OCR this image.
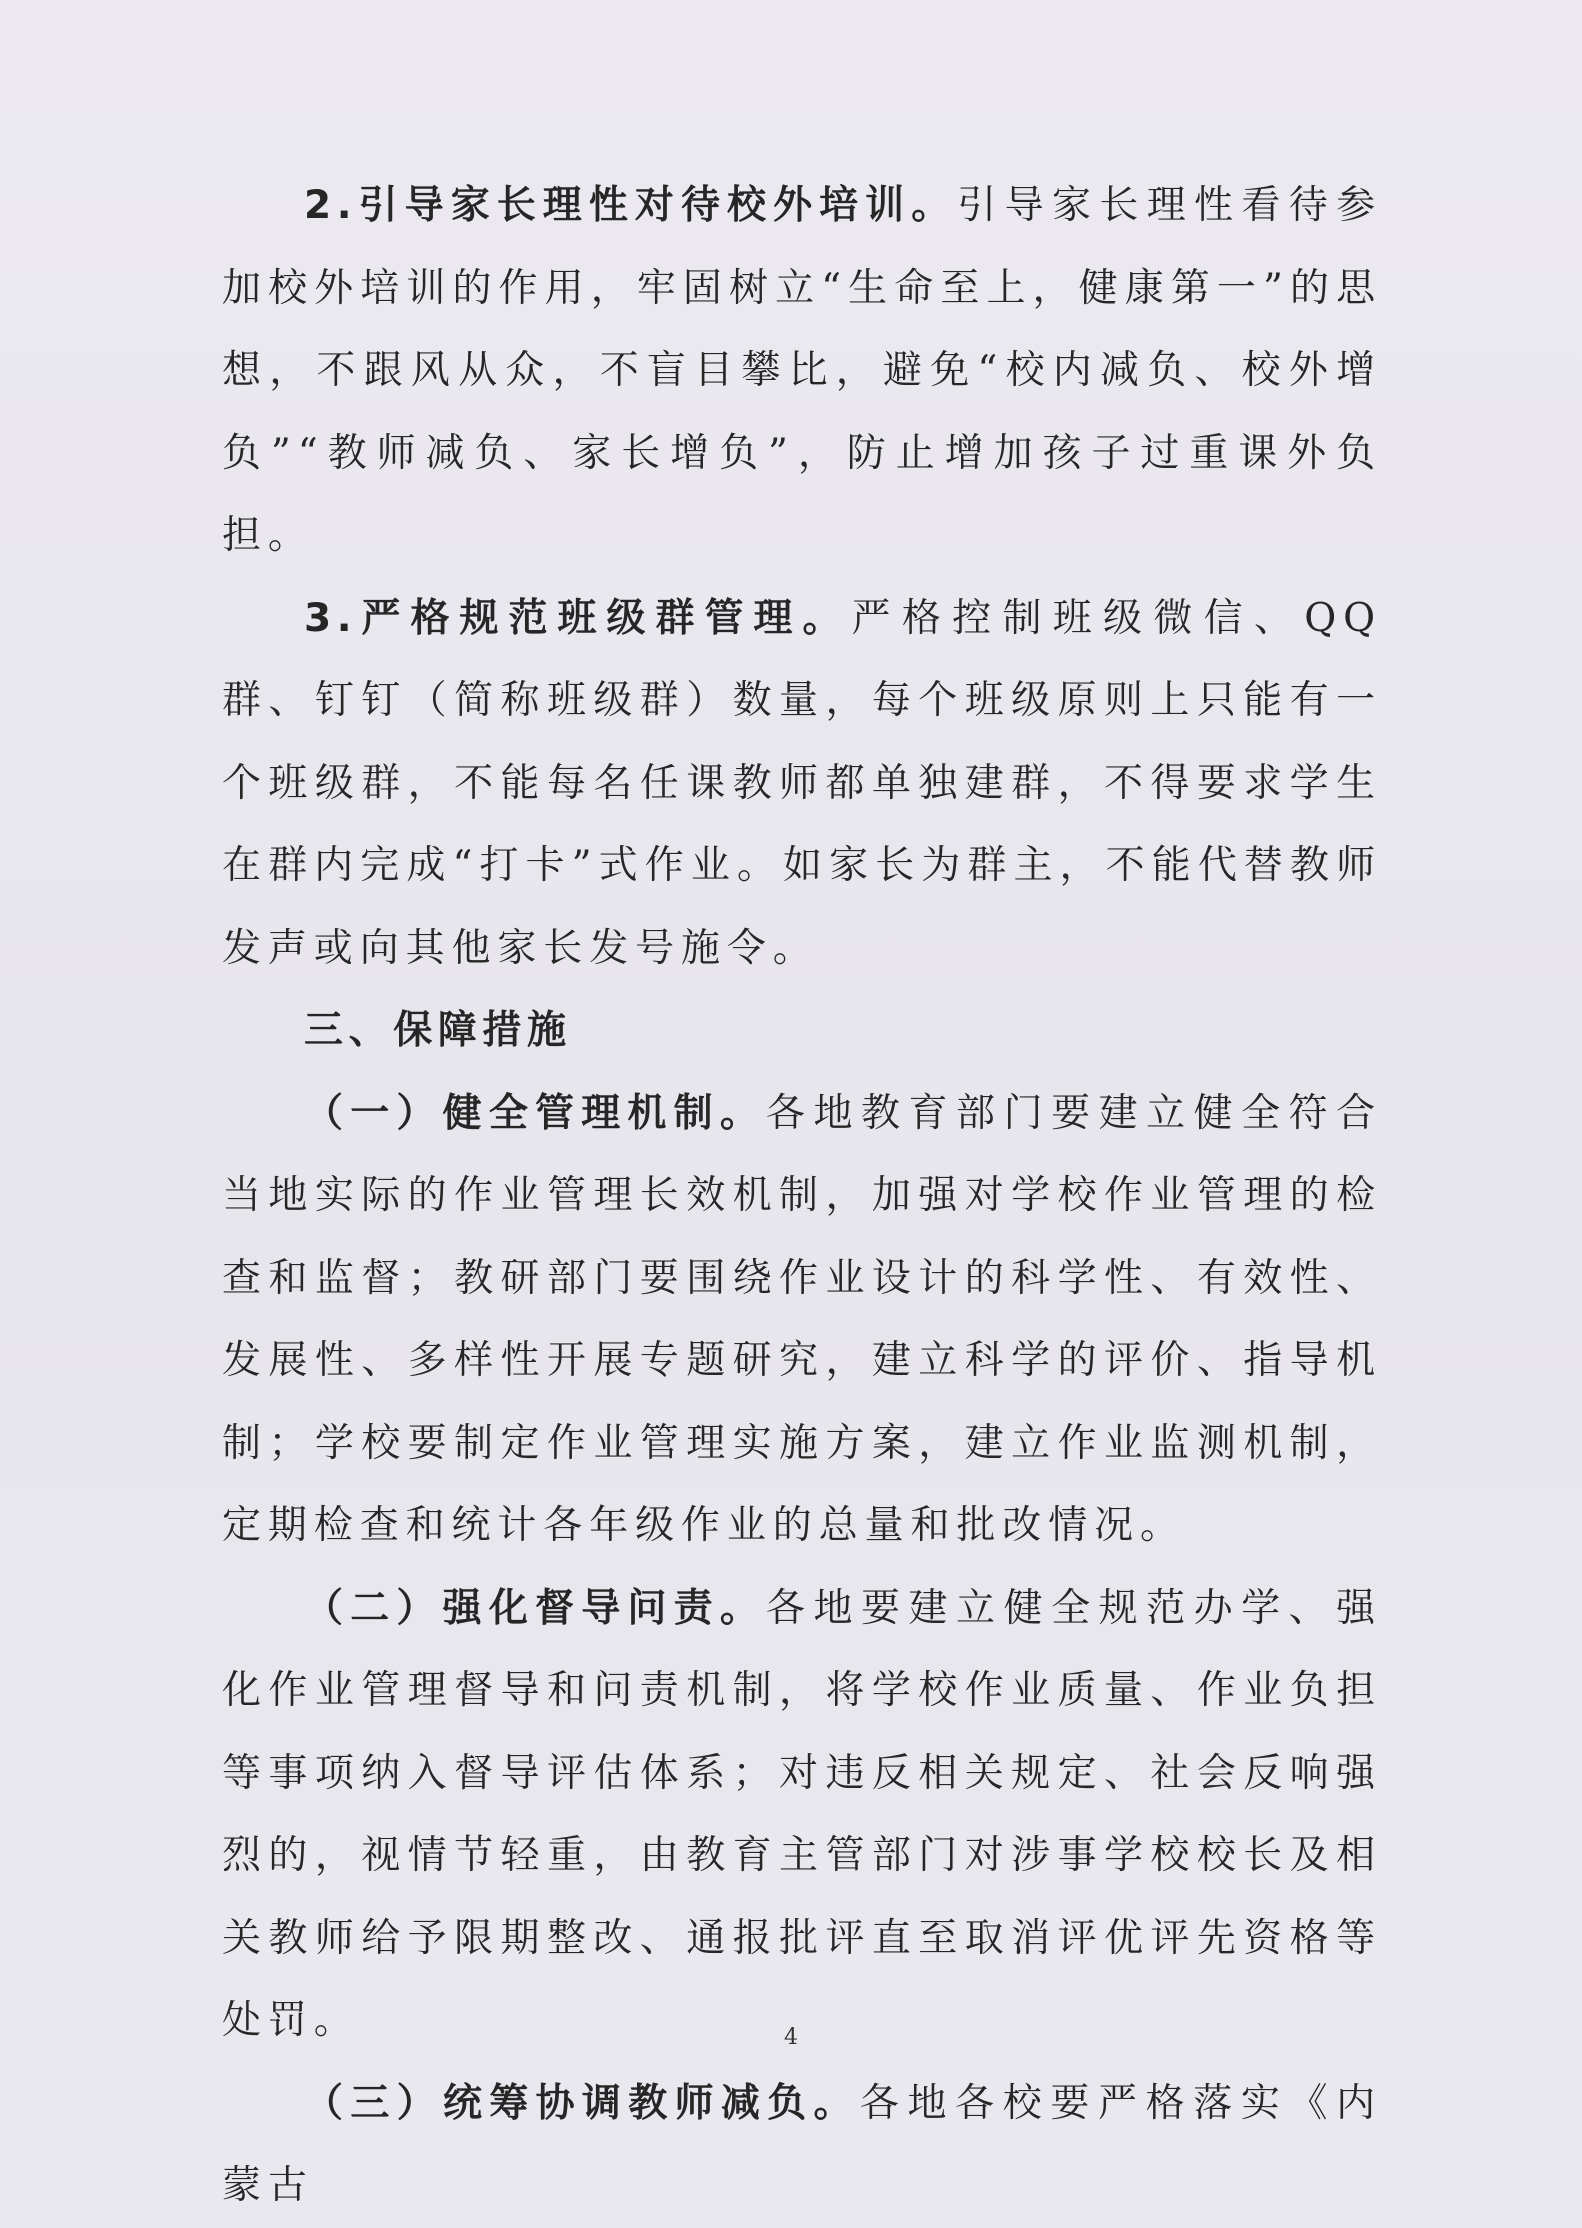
2.引导家长理性对待校外培训。引导家长理性看待参加校外培训的作用，牢固树立“生命至上，健康第一”的思想，不跟风从众，不盲目攀比，避免“校内减负、校外增负”“教师减负、家长增负”，防止增加孩子过重课外负担。

3.严格规范班级群管理。严格控制班级微信、QQ群、钉钉（简称班级群）数量，每个班级原则上只能有一个班级群，不能每名任课教师都单独建群，不得要求学生在群内完成“打卡”式作业。如家长为群主，不能代替教师发声或向其他家长发号施令。

三、保障措施

（一）健全管理机制。各地教育部门要建立健全符合当地实际的作业管理长效机制，加强对学校作业管理的检查和监督；教研部门要围绕作业设计的科学性、有效性、发展性、多样性开展专题研究，建立科学的评价、指导机制；学校要制定作业管理实施方案，建立作业监测机制，定期检查和统计各年级作业的总量和批改情况。

（二）强化督导问责。各地要建立健全规范办学、强化作业管理督导和问责机制，将学校作业质量、作业负担等事项纳入督导评估体系；对违反相关规定、社会反响强烈的，视情节轻重，由教育主管部门对涉事学校校长及相关教师给予限期整改、通报批评直至取消评优评先资格等处罚。

（三）统筹协调教师减负。各地各校要严格落实《内蒙古

4
